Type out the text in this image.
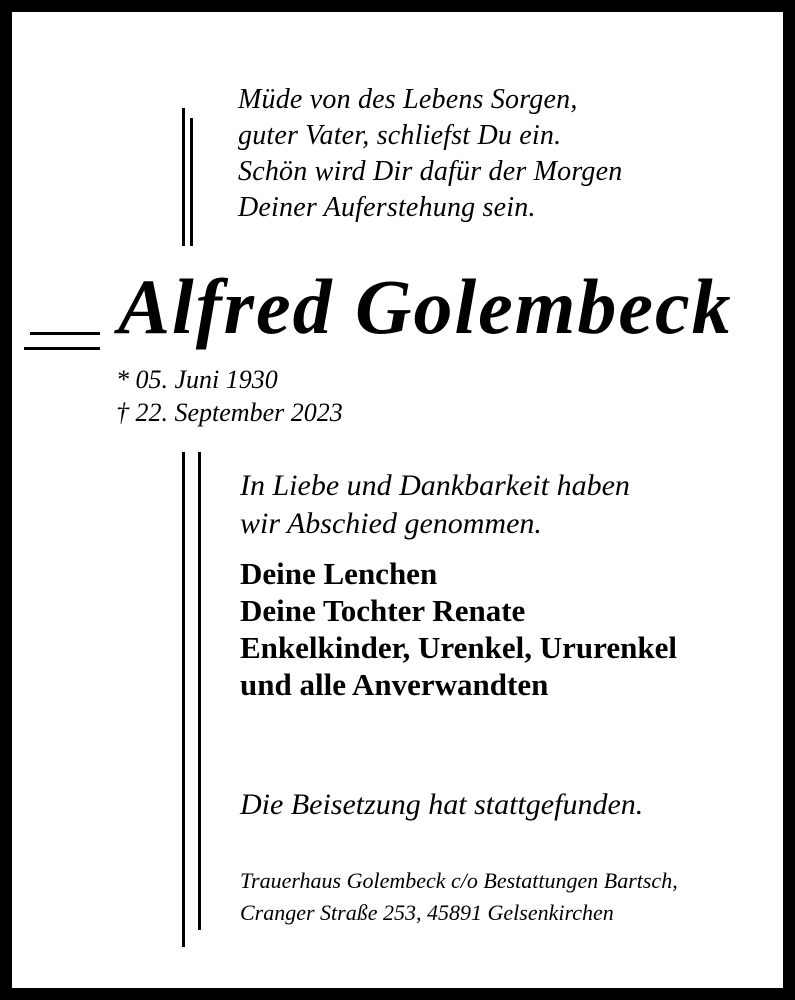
Müde von des Lebens Sorgen,
guter Vater, schliefst Du ein.
Schön wird Dir dafür der Morgen
Deiner Auferstehung sein.
Alfred Golembeck
* 05. Juni 1930
† 22. September 2023
In Liebe und Dankbarkeit haben
wir Abschied genommen.
Deine Lenchen
Deine Tochter Renate
Enkelkinder, Urenkel, Ururenkel
und alle Anverwandten
Die Beisetzung hat stattgefunden.
Trauerhaus Golembeck c/o Bestattungen Bartsch,
Cranger Straße 253, 45891 Gelsenkirchen
